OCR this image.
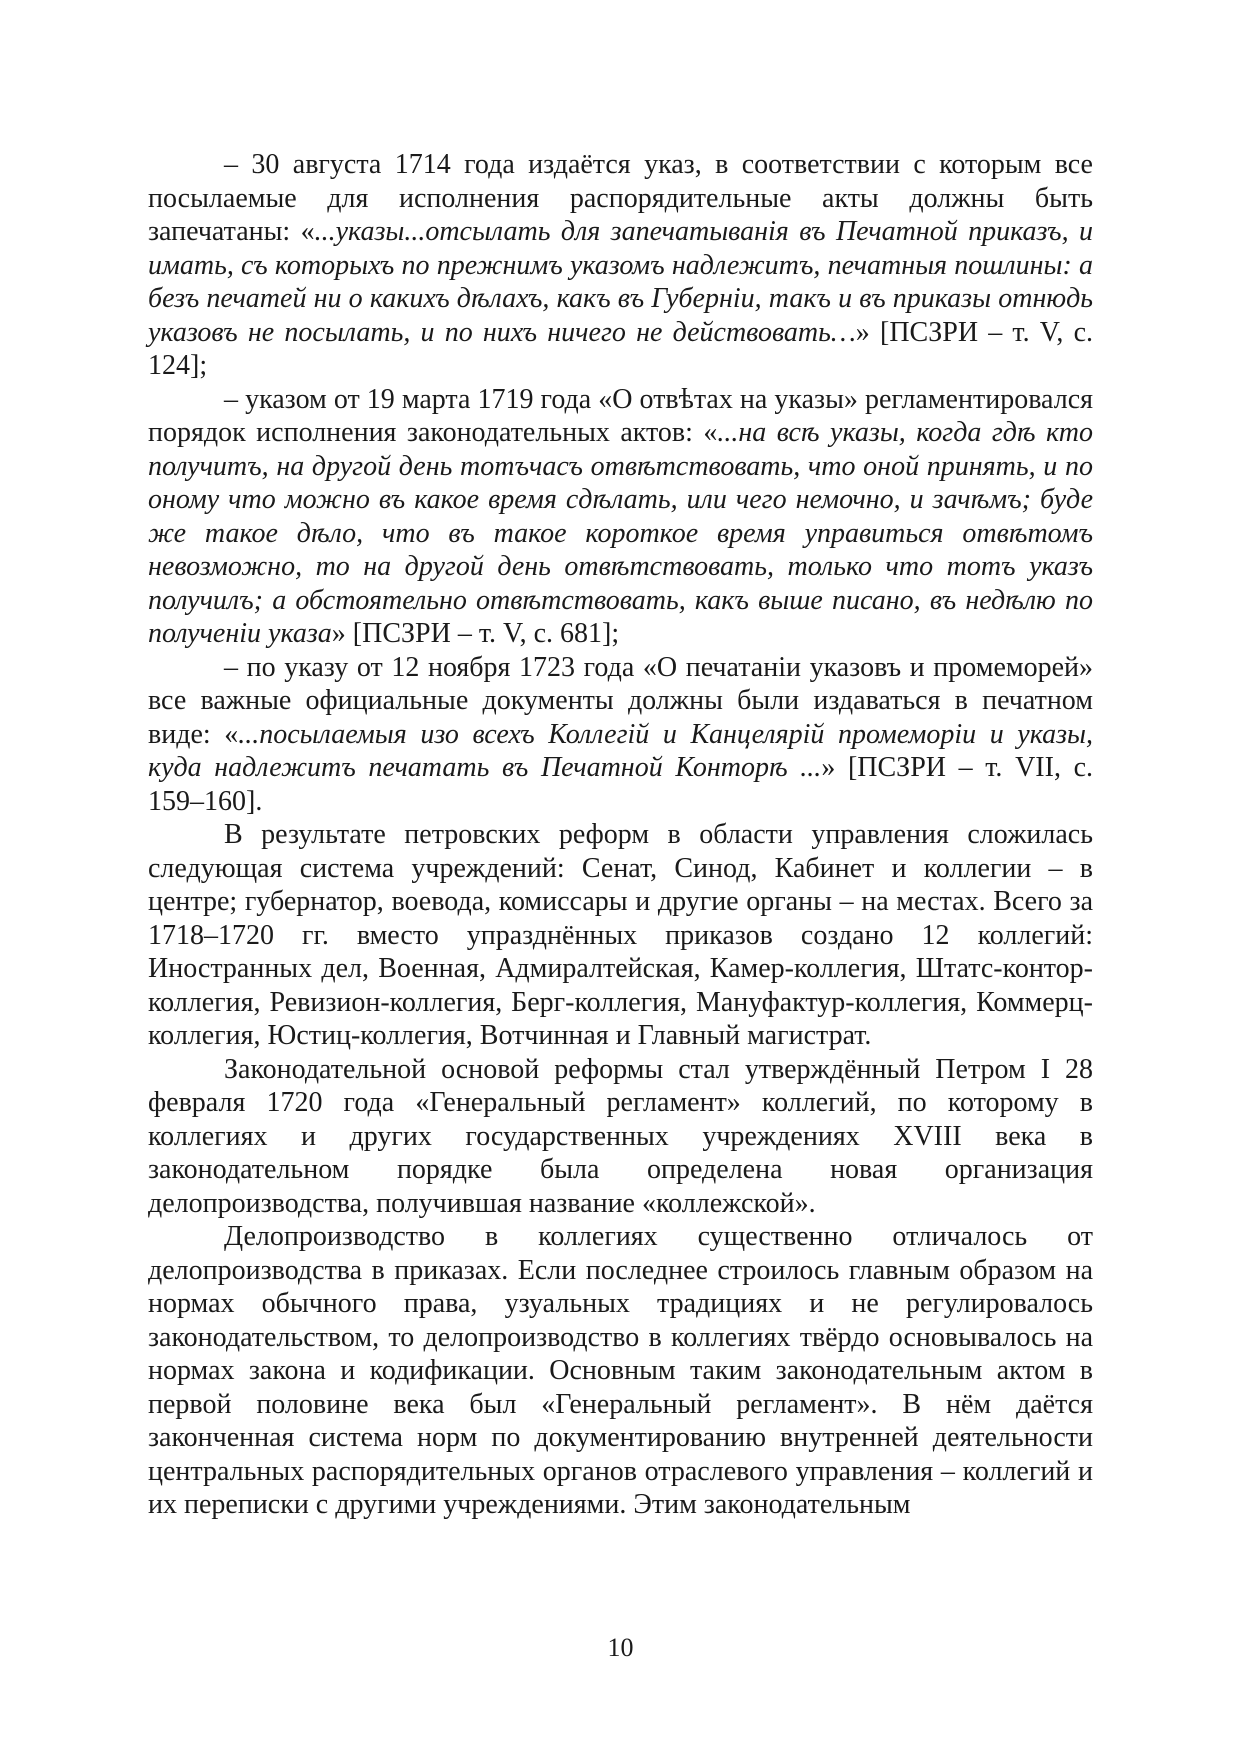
– 30 августа 1714 года издаётся указ, в соответствии с которым все посылаемые для исполнения распорядительные акты должны быть запечатаны: «...указы...отсылать для запечатыванія въ Печатной приказъ, и имать, съ которыхъ по прежнимъ указомъ надлежитъ, печатныя пошлины: а безъ печатей ни о какихъ дѣлахъ, какъ въ Губерніи, такъ и въ приказы отнюдь указовъ не посылать, и по нихъ ничего не действовать…» [ПСЗРИ – т. V, с. 124];

– указом от 19 марта 1719 года «О отвѣтах на указы» регламентировался порядок исполнения законодательных актов: «...на всѣ указы, когда гдѣ кто получитъ, на другой день тотъчасъ отвѣтствовать, что оной принять, и по оному что можно въ какое время сдѣлать, или чего немочно, и зачѣмъ; буде же такое дѣло, что въ такое короткое время управиться отвѣтомъ невозможно, то на другой день отвѣтствовать, только что тотъ указъ получилъ; а обстоятельно отвѣтствовать, какъ выше писано, въ недѣлю по полученіи указа» [ПСЗРИ – т. V, с. 681];

– по указу от 12 ноября 1723 года «О печатаніи указовъ и промеморей» все важные официальные документы должны были издаваться в печатном виде: «...посылаемыя изо всехъ Коллегій и Канцелярій промеморіи и указы, куда надлежитъ печатать въ Печатной Конторѣ ...» [ПСЗРИ – т. VII, с. 159–160].

В результате петровских реформ в области управления сложилась следующая система учреждений: Сенат, Синод, Кабинет и коллегии – в центре; губернатор, воевода, комиссары и другие органы – на местах. Всего за 1718–1720 гг. вместо упразднённых приказов создано 12 коллегий: Иностранных дел, Военная, Адмиралтейская, Камер-коллегия, Штатс-контор-коллегия, Ревизион-коллегия, Берг-коллегия, Мануфактур-коллегия, Коммерц-коллегия, Юстиц-коллегия, Вотчинная и Главный магистрат.

Законодательной основой реформы стал утверждённый Петром I 28 февраля 1720 года «Генеральный регламент» коллегий, по которому в коллегиях и других государственных учреждениях XVIII века в законодательном порядке была определена новая организация делопроизводства, получившая название «коллежской».

Делопроизводство в коллегиях существенно отличалось от делопроизводства в приказах. Если последнее строилось главным образом на нормах обычного права, узуальных традициях и не регулировалось законодательством, то делопроизводство в коллегиях твёрдо основывалось на нормах закона и кодификации. Основным таким законодательным актом в первой половине века был «Генеральный регламент». В нём даётся законченная система норм по документированию внутренней деятельности центральных распорядительных органов отраслевого управления – коллегий и их переписки с другими учреждениями. Этим законодательным

10
